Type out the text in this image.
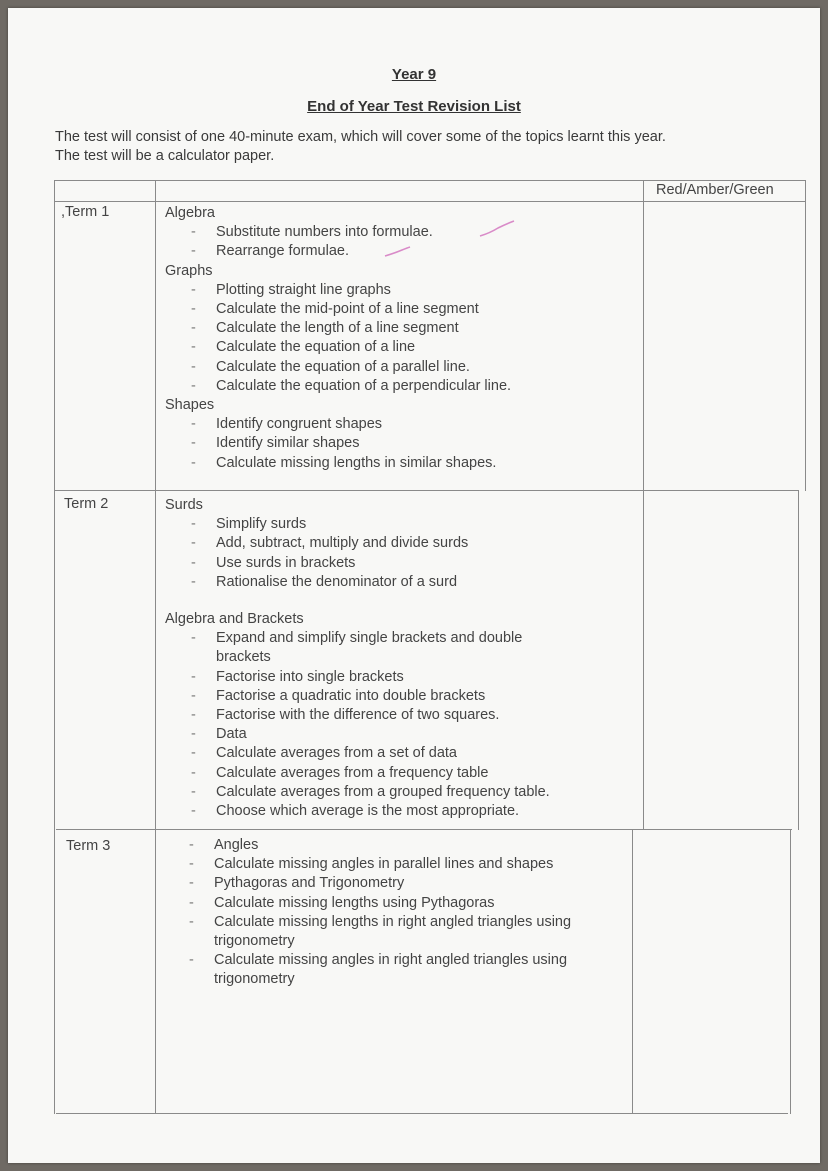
Year 9
End of Year Test Revision List
The test will consist of one 40-minute exam, which will cover some of the topics learnt this year.
The test will be a calculator paper.
Red/Amber/Green
,Term 1	Algebra
- Substitute numbers into formulae.
- Rearrange formulae.
Graphs
- Plotting straight line graphs
- Calculate the mid-point of a line segment
- Calculate the length of a line segment
- Calculate the equation of a line
- Calculate the equation of a parallel line.
- Calculate the equation of a perpendicular line.
Shapes
- Identify congruent shapes
- Identify similar shapes
- Calculate missing lengths in similar shapes.
Term 2	Surds
- Simplify surds
- Add, subtract, multiply and divide surds
- Use surds in brackets
- Rationalise the denominator of a surd
Algebra and Brackets
- Expand and simplify single brackets and double brackets
- Factorise into single brackets
- Factorise a quadratic into double brackets
- Factorise with the difference of two squares.
- Data
- Calculate averages from a set of data
- Calculate averages from a frequency table
- Calculate averages from a grouped frequency table.
- Choose which average is the most appropriate.
Term 3
-	Angles
- Calculate missing angles in parallel lines and shapes
- Pythagoras and Trigonometry
- Calculate missing lengths using Pythagoras
- Calculate missing lengths in right angled triangles using trigonometry
- Calculate missing angles in right angled triangles using trigonometry
